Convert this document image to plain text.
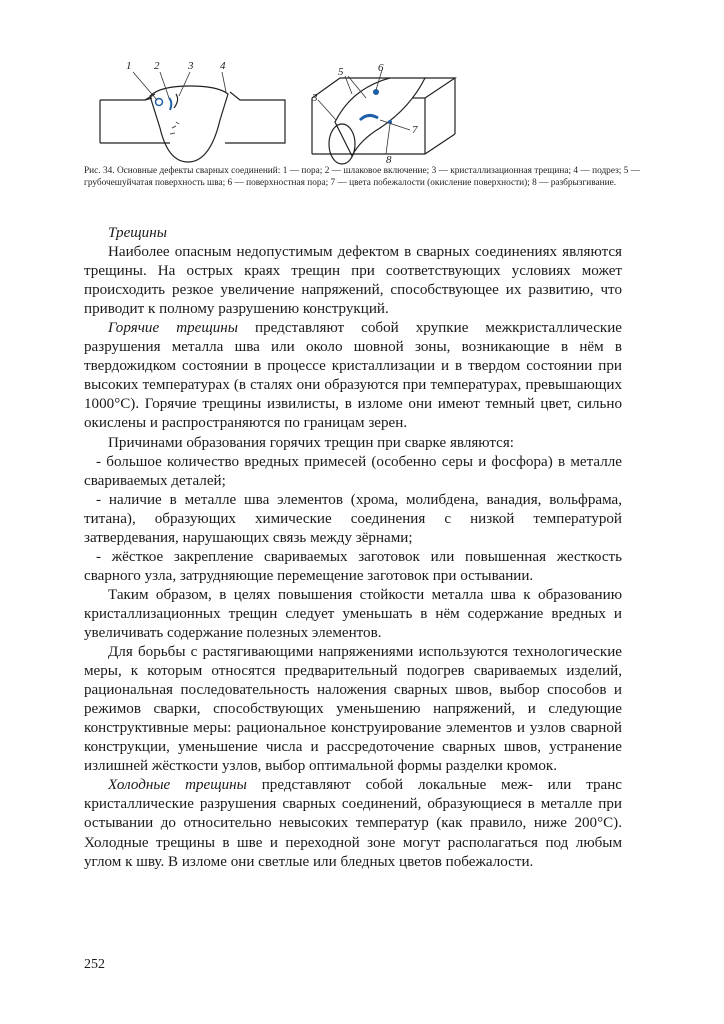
1 2	3 4	5	6
3
7
8
Рис. 34. Основные дефекты сварных соединений: 1 — пора; 2 — шлаковое включение; 3 — кристаллизационная трещина; 4 — подрез; 5 — грубочешуйчатая поверхность шва; 6 — поверхностная пора; 7 — цвета побежалости (окисление поверхности); 8 — разбрызгивание.

Трещины

Наиболее опасным недопустимым дефектом в сварных соединениях являются трещины. На острых краях трещин при соответствующих условиях может происходить резкое увеличение напряжений, способствующее их развитию, что приводит к полному разрушению конструкций.

Горячие трещины представляют собой хрупкие межкристаллические разрушения металла шва или около шовной зоны, возникающие в нём в твердожидком состоянии в процессе кристаллизации и в твердом состоянии при высоких температурах (в сталях они образуются при температурах, превышающих 1000°С). Горячие трещины извилисты, в изломе они имеют темный цвет, сильно окислены и распространяются по границам зерен.

Причинами образования горячих трещин при сварке являются:

- большое количество вредных примесей (особенно серы и фосфора) в металле свариваемых деталей;

- наличие в металле шва элементов (хрома, молибдена, ванадия, вольфрама, титана), образующих химические соединения с низкой температурой затвердевания, нарушающих связь между зёрнами;

- жёсткое закрепление свариваемых заготовок или повышенная жесткость сварного узла, затрудняющие перемещение заготовок при остывании.

Таким образом, в целях повышения стойкости металла шва к образованию кристаллизационных трещин следует уменьшать в нём содержание вредных и увеличивать содержание полезных элементов.

Для борьбы с растягивающими напряжениями используются технологические меры, к которым относятся предварительный подогрев свариваемых изделий, рациональная последовательность наложения сварных швов, выбор способов и режимов сварки, способствующих уменьшению напряжений, и следующие конструктивные меры: рациональное конструирование элементов и узлов сварной конструкции, уменьшение числа и рассредоточение сварных швов, устранение излишней жёсткости узлов, выбор оптимальной формы разделки кромок.

Холодные трещины представляют собой локальные меж- или транс кристаллические разрушения сварных соединений, образующиеся в металле при остывании до относительно невысоких температур (как правило, ниже 200°С). Холодные трещины в шве и переходной зоне могут располагаться под любым углом к шву. В изломе они светлые или бледных цветов побежалости.

252
